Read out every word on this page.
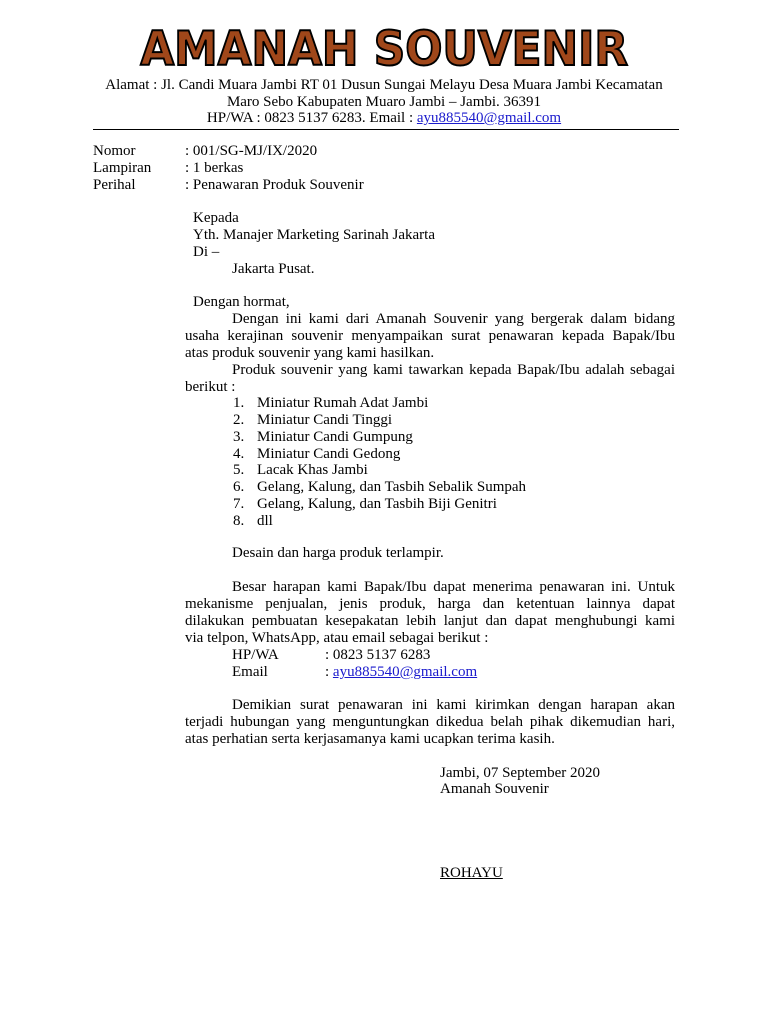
AMANAH SOUVENIR

Alamat : Jl. Candi Muara Jambi RT 01 Dusun Sungai Melayu Desa Muara Jambi Kecamatan

Maro Sebo Kabupaten Muaro Jambi – Jambi. 36391

HP/WA : 0823 5137 6283. Email : ayu885540@gmail.com

Nomor	: 001/SG-MJ/IX/2020

Lampiran : 1 berkas

Perihal	: Penawaran Produk Souvenir

Kepada

Yth. Manajer Marketing Sarinah Jakarta

Di –

Jakarta Pusat.

Dengan hormat,

Dengan ini kami dari Amanah Souvenir yang bergerak dalam bidang

usaha kerajinan souvenir menyampaikan surat penawaran kepada Bapak/Ibu

atas produk souvenir yang kami hasilkan.

Produk souvenir yang kami tawarkan kepada Bapak/Ibu adalah sebagai

berikut :

1. Miniatur Rumah Adat Jambi

2. Miniatur Candi Tinggi

3. Miniatur Candi Gumpung

4. Miniatur Candi Gedong

5. Lacak Khas Jambi

6. Gelang, Kalung, dan Tasbih Sebalik Sumpah

7. Gelang, Kalung, dan Tasbih Biji Genitri

8. dll

Desain dan harga produk terlampir.

Besar harapan kami Bapak/Ibu dapat menerima penawaran ini. Untuk

mekanisme penjualan, jenis produk, harga dan ketentuan lainnya dapat

dilakukan pembuatan kesepakatan lebih lanjut dan dapat menghubungi kami

via telpon, WhatsApp, atau email sebagai berikut :

HP/WA	: 0823 5137 6283

Email	: ayu885540@gmail.com

Demikian surat penawaran ini kami kirimkan dengan harapan akan

terjadi hubungan yang menguntungkan dikedua belah pihak dikemudian hari,

atas perhatian serta kerjasamanya kami ucapkan terima kasih.

Jambi, 07 September 2020

Amanah Souvenir

ROHAYU
